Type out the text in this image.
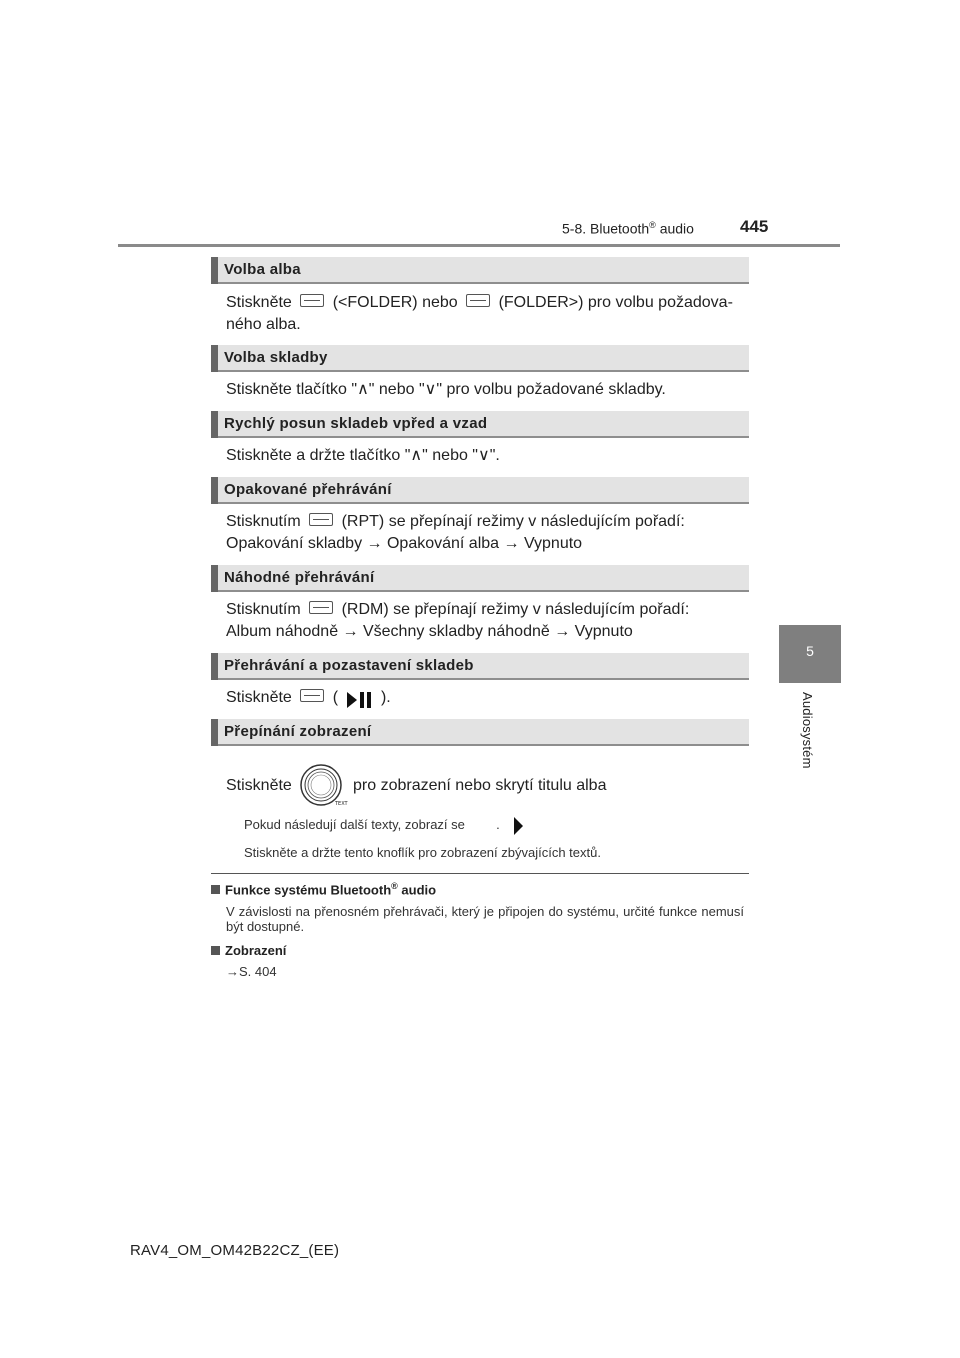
5-8. Bluetooth® audio	445
5
Audiosystém
Volba alba
Stiskněte	(<FOLDER) nebo	(FOLDER>) pro volbu požadova-
ného alba.
Volba skladby
Stiskněte tlačítko "∧" nebo "∨" pro volbu požadované skladby.
Rychlý posun skladeb vpřed a vzad
Stiskněte a držte tlačítko "∧" nebo "∨".
Opakované přehrávání
Stisknutím	(RPT) se přepínají režimy v následujícím pořadí:
Opakování skladby → Opakování alba → Vypnuto
Náhodné přehrávání
Stisknutím	(RDM) se přepínají režimy v následujícím pořadí:
Album náhodně → Všechny skladby náhodně → Vypnuto
Přehrávání a pozastavení skladeb
Stiskněte	(	).
Přepínání zobrazení
Stiskněte
TEXT
pro zobrazení nebo skrytí titulu alba
Pokud následují další texty, zobrazí se .
Stiskněte a držte tento knoflík pro zobrazení zbývajících textů.
Funkce systému Bluetooth® audio
V závislosti na přenosném přehrávači, který je připojen do systému, určité funkce nemusí být dostupné.
Zobrazení
→S. 404
RAV4_OM_OM42B22CZ_(EE)
